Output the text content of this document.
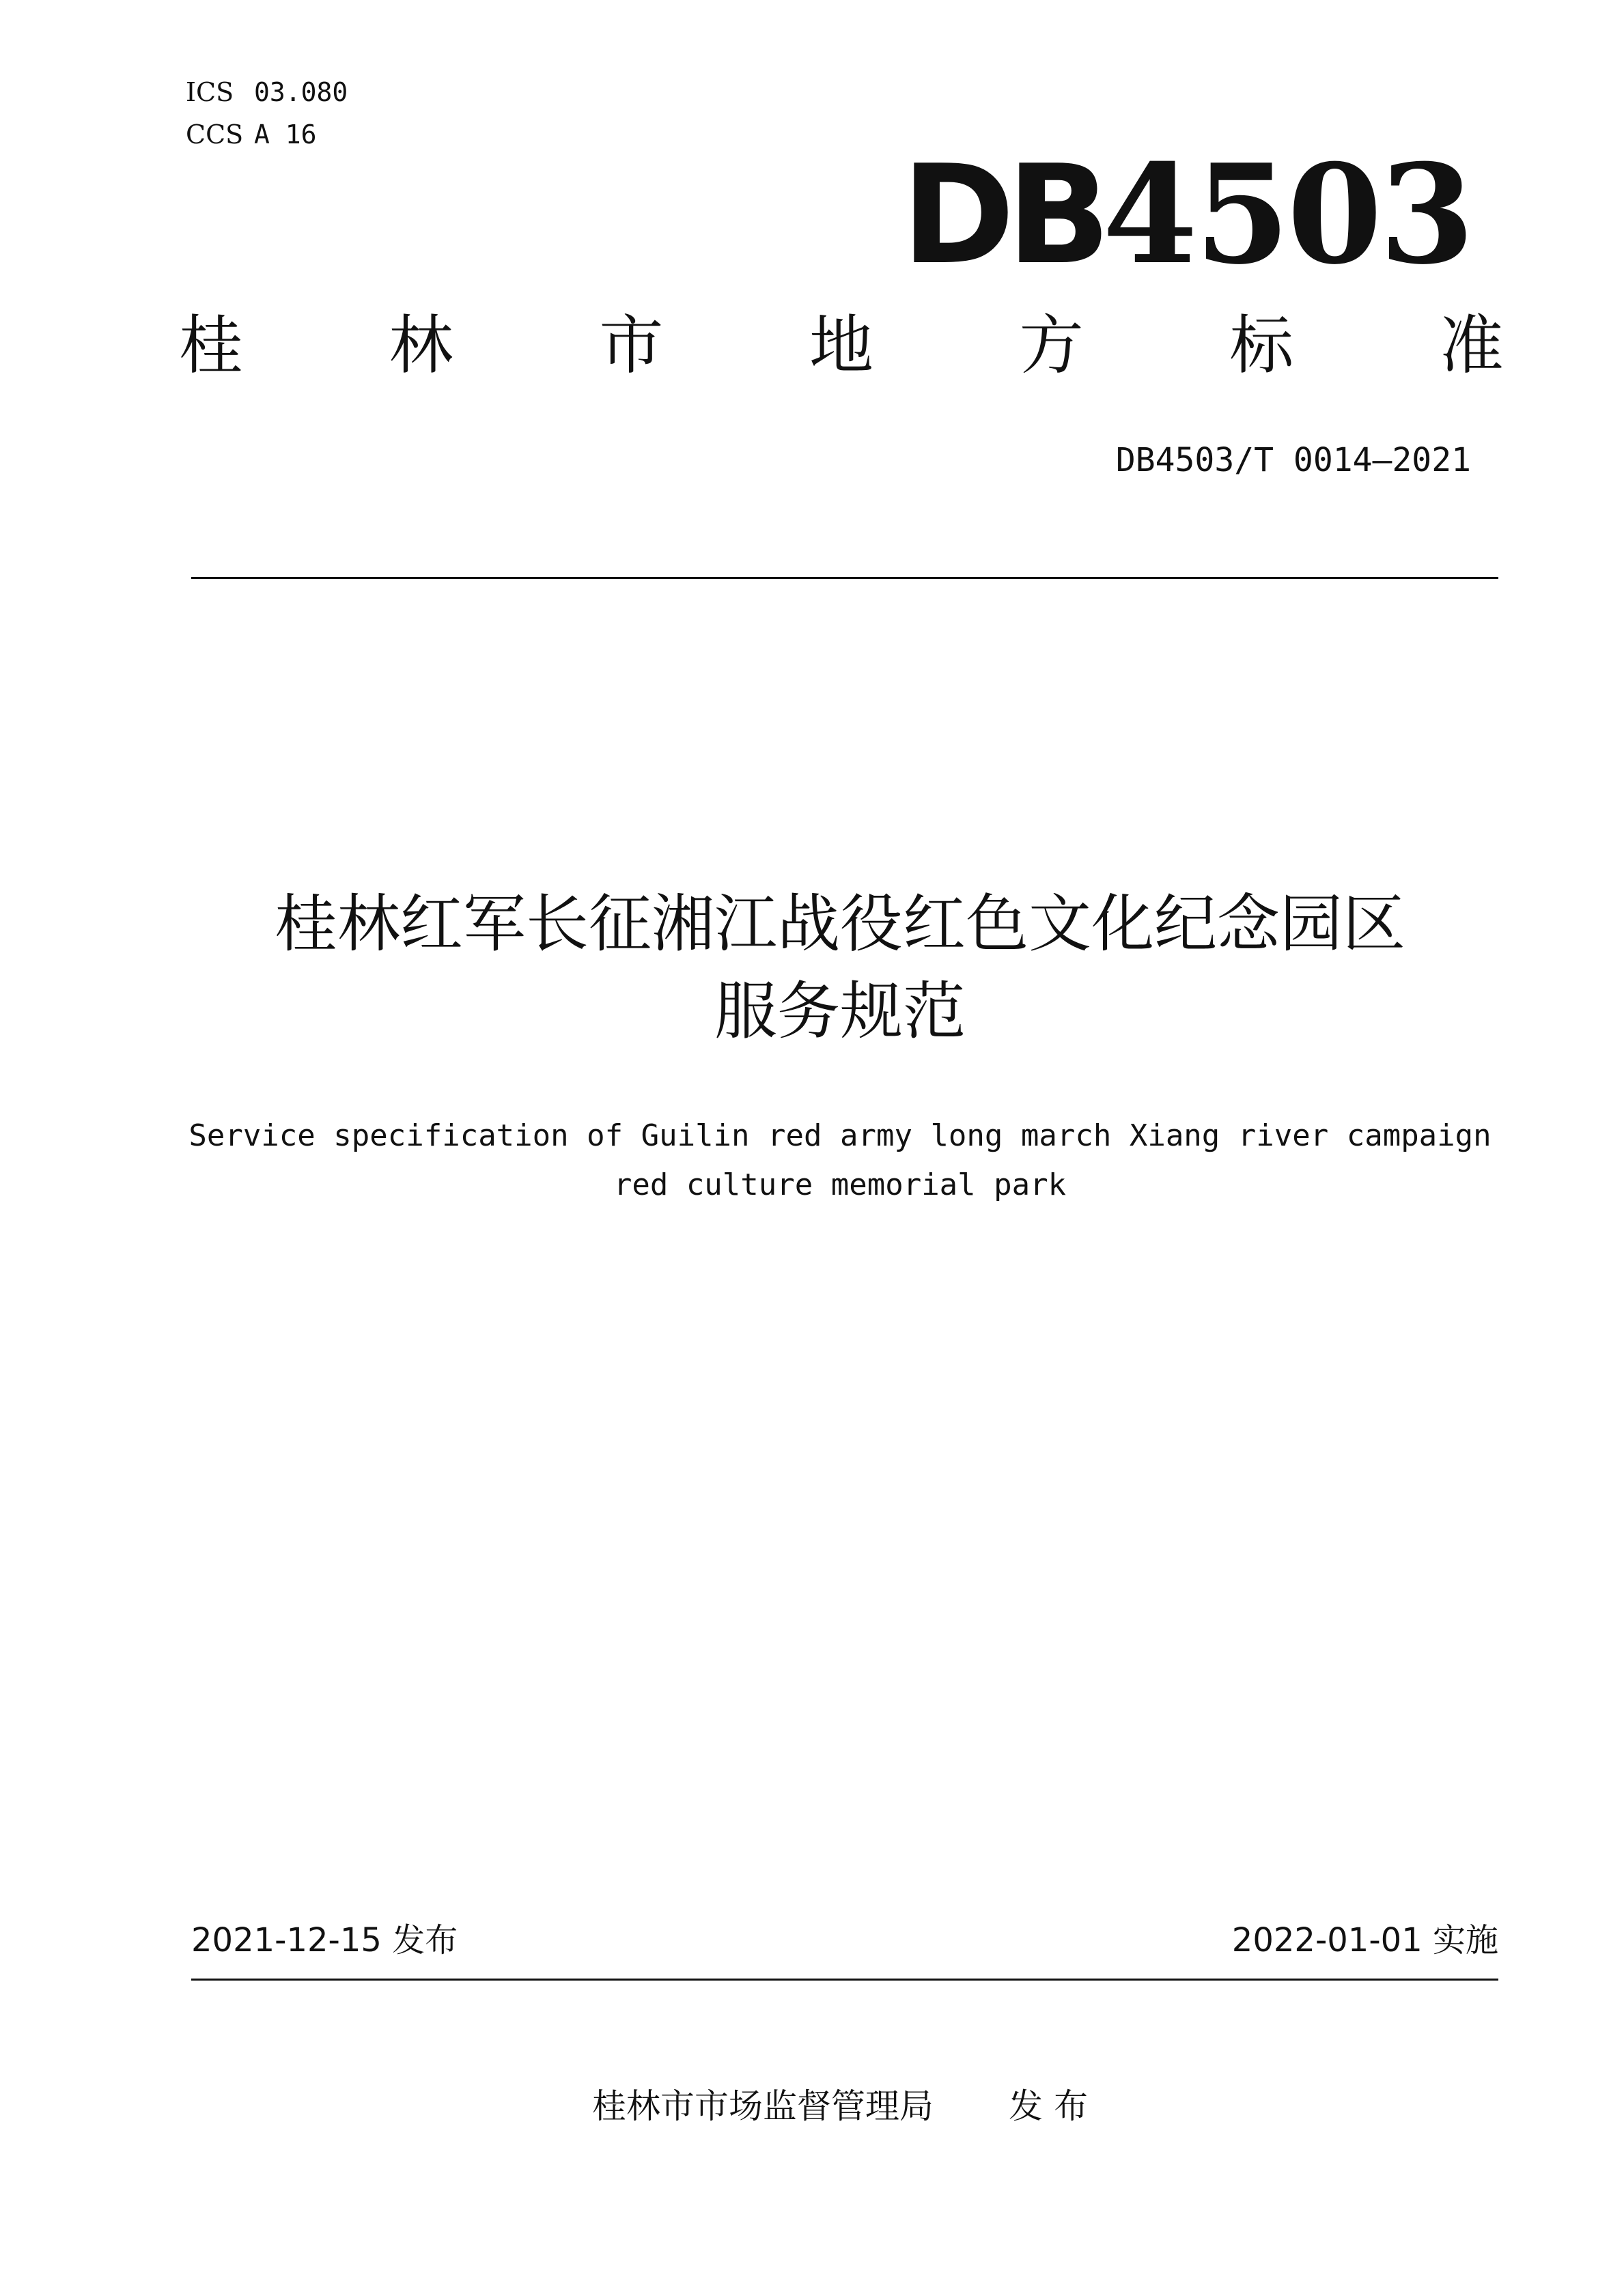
ICS 03.080
CCS A 16
DB4503
桂 林 市 地 方 标 准
DB4503/T 0014—2021
桂林红军长征湘江战役红色文化纪念园区
服务规范
Service specification of Guilin red army long march Xiang river campaign
red culture memorial park
2021-12-15 发布	2022-01-01 实施
桂林市市场监督管理局 发 布
